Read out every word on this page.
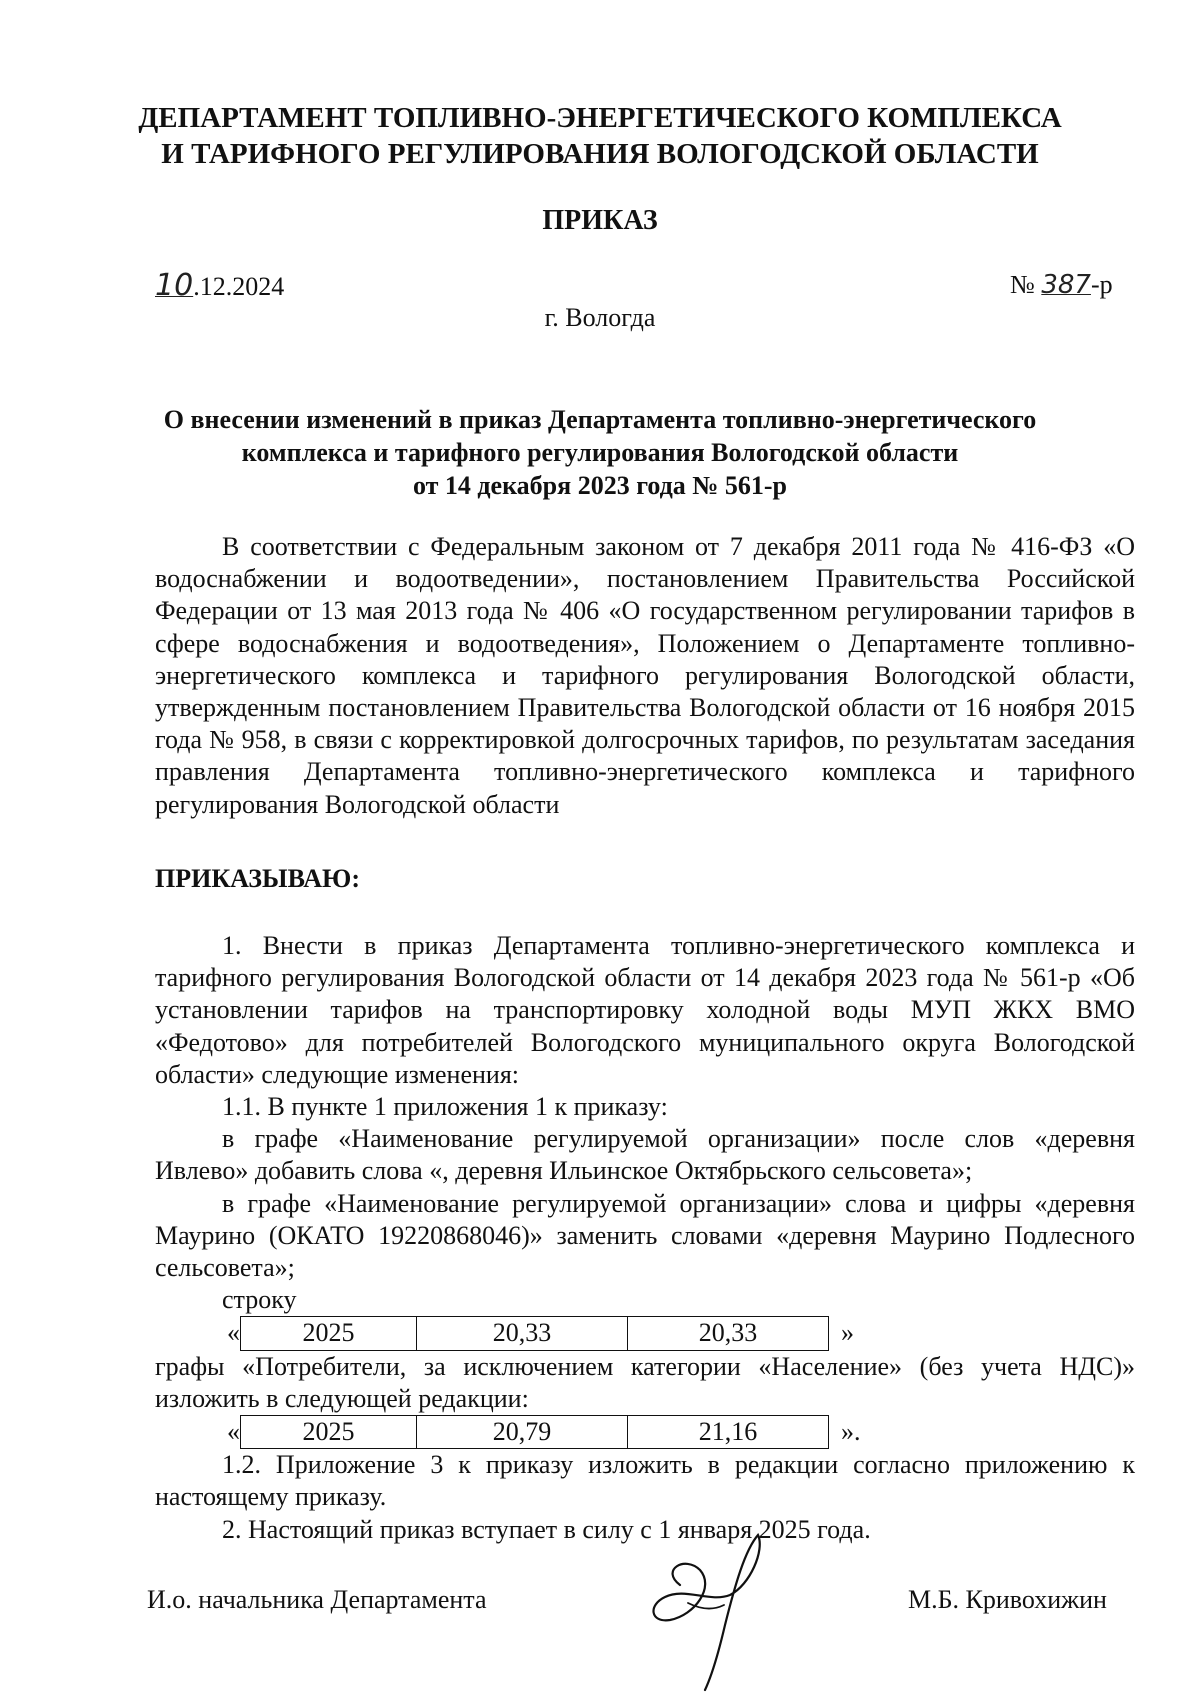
ДЕПАРТАМЕНТ ТОПЛИВНО-ЭНЕРГЕТИЧЕСКОГО КОМПЛЕКСА
И ТАРИФНОГО РЕГУЛИРОВАНИЯ ВОЛОГОДСКОЙ ОБЛАСТИ
ПРИКАЗ
10.12.2024	№ 387-р
г. Вологда
О внесении изменений в приказ Департамента топливно-энергетического
комплекса и тарифного регулирования Вологодской области
от 14 декабря 2023 года № 561-р

В соответствии с Федеральным законом от 7 декабря 2011 года № 416-ФЗ «О водоснабжении и водоотведении», постановлением Правительства Российской Федерации от 13 мая 2013 года № 406 «О государственном регулировании тарифов в сфере водоснабжения и водоотведения», Положением о Департаменте топливно-энергетического комплекса и тарифного регулирования Вологодской области, утвержденным постановлением Правительства Вологодской области от 16 ноября 2015 года № 958, в связи с корректировкой долгосрочных тарифов, по результатам заседания правления Департамента топливно-энергетического комплекса и тарифного регулирования Вологодской области

ПРИКАЗЫВАЮ:

1. Внести в приказ Департамента топливно-энергетического комплекса и тарифного регулирования Вологодской области от 14 декабря 2023 года № 561-р «Об установлении тарифов на транспортировку холодной воды МУП ЖКХ ВМО «Федотово» для потребителей Вологодского муниципального округа Вологодской области» следующие изменения:

1.1. В пункте 1 приложения 1 к приказу:

в графе «Наименование регулируемой организации» после слов «деревня Ивлево» добавить слова «, деревня Ильинское Октябрьского сельсовета»;

в графе «Наименование регулируемой организации» слова и цифры «деревня Маурино (ОКАТО 19220868046)» заменить словами «деревня Маурино Подлесного сельсовета»;

строку

« 2025	20,33	20,33	»

графы «Потребители, за исключением категории «Население» (без учета НДС)» изложить в следующей редакции:

« 2025	20,79	21,16	».

1.2. Приложение 3 к приказу изложить в редакции согласно приложению к настоящему приказу.

2. Настоящий приказ вступает в силу с 1 января 2025 года.

И.о. начальника Департамента	М.Б. Кривохижин
